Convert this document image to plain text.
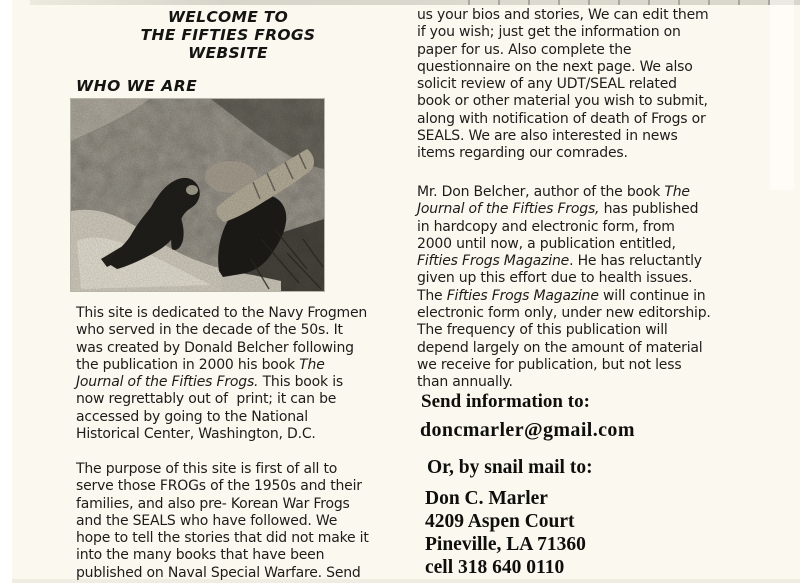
WELCOME TO
THE FIFTIES FROGS
WEBSITE
WHO WE ARE
This site is dedicated to the Navy Frogmen
who served in the decade of the 50s. It
was created by Donald Belcher following
the publication in 2000 his book The
Journal of the Fifties Frogs. This book is
now regrettably out of  print; it can be
accessed by going to the National
Historical Center, Washington, D.C.
The purpose of this site is first of all to
serve those FROGs of the 1950s and their
families, and also pre- Korean War Frogs
and the SEALS who have followed. We
hope to tell the stories that did not make it
into the many books that have been
published on Naval Special Warfare. Send
us your bios and stories, We can edit them
if you wish; just get the information on
paper for us. Also complete the
questionnaire on the next page. We also
solicit review of any UDT/SEAL related
book or other material you wish to submit,
along with notification of death of Frogs or
SEALS. We are also interested in news
items regarding our comrades.
Mr. Don Belcher, author of the book The
Journal of the Fifties Frogs, has published
in hardcopy and electronic form, from
2000 until now, a publication entitled,
Fifties Frogs Magazine. He has reluctantly
given up this effort due to health issues.
The Fifties Frogs Magazine will continue in
electronic form only, under new editorship.
The frequency of this publication will
depend largely on the amount of material
we receive for publication, but not less
than annually.
Send information to:
doncmarler@gmail.com
Or, by snail mail to:
Don C. Marler
4209 Aspen Court
Pineville, LA 71360
cell 318 640 0110
